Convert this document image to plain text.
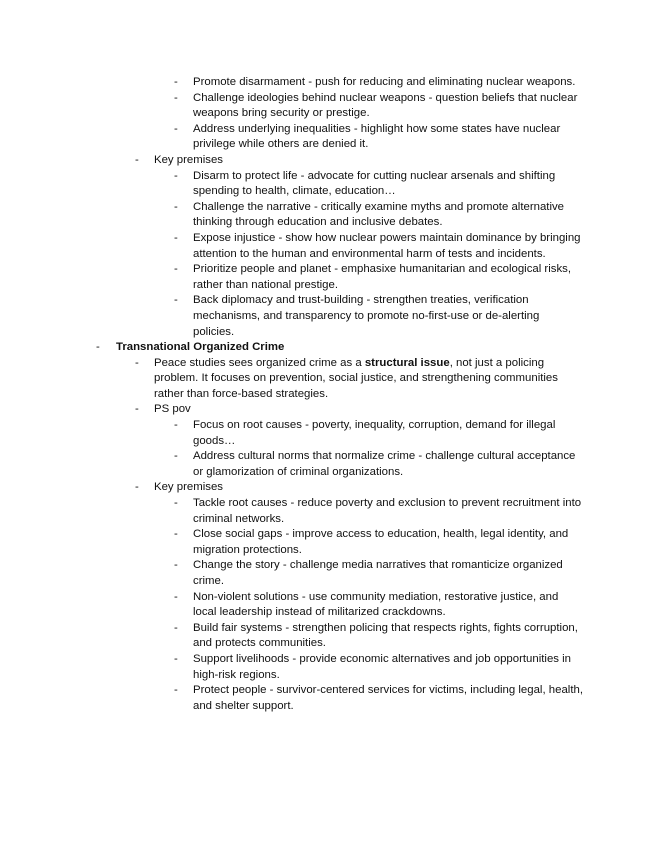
-	Promote disarmament - push for reducing and eliminating nuclear weapons.
-	Challenge ideologies behind nuclear weapons - question beliefs that nuclear weapons bring security or prestige.
-	Address underlying inequalities - highlight how some states have nuclear privilege while others are denied it.
-	Key premises
-	Disarm to protect life - advocate for cutting nuclear arsenals and shifting spending to health, climate, education…
-	Challenge the narrative - critically examine myths and promote alternative thinking through education and inclusive debates.
-	Expose injustice - show how nuclear powers maintain dominance by bringing attention to the human and environmental harm of tests and incidents.
-	Prioritize people and planet - emphasixe humanitarian and ecological risks, rather than national prestige.
-	Back diplomacy and trust-building - strengthen treaties, verification mechanisms, and transparency to promote no-first-use or de-alerting policies.
-	Transnational Organized Crime
-	Peace studies sees organized crime as a structural issue, not just a policing problem. It focuses on prevention, social justice, and strengthening communities rather than force-based strategies.
-	PS pov
-	Focus on root causes - poverty, inequality, corruption, demand for illegal goods…
-	Address cultural norms that normalize crime - challenge cultural acceptance or glamorization of criminal organizations.
-	Key premises
-	Tackle root causes - reduce poverty and exclusion to prevent recruitment into criminal networks.
-	Close social gaps - improve access to education, health, legal identity, and migration protections.
-	Change the story - challenge media narratives that romanticize organized crime.
-	Non-violent solutions - use community mediation, restorative justice, and local leadership instead of militarized crackdowns.
-	Build fair systems - strengthen policing that respects rights, fights corruption, and protects communities.
-	Support livelihoods - provide economic alternatives and job opportunities in high-risk regions.
-	Protect people - survivor-centered services for victims, including legal, health, and shelter support.
